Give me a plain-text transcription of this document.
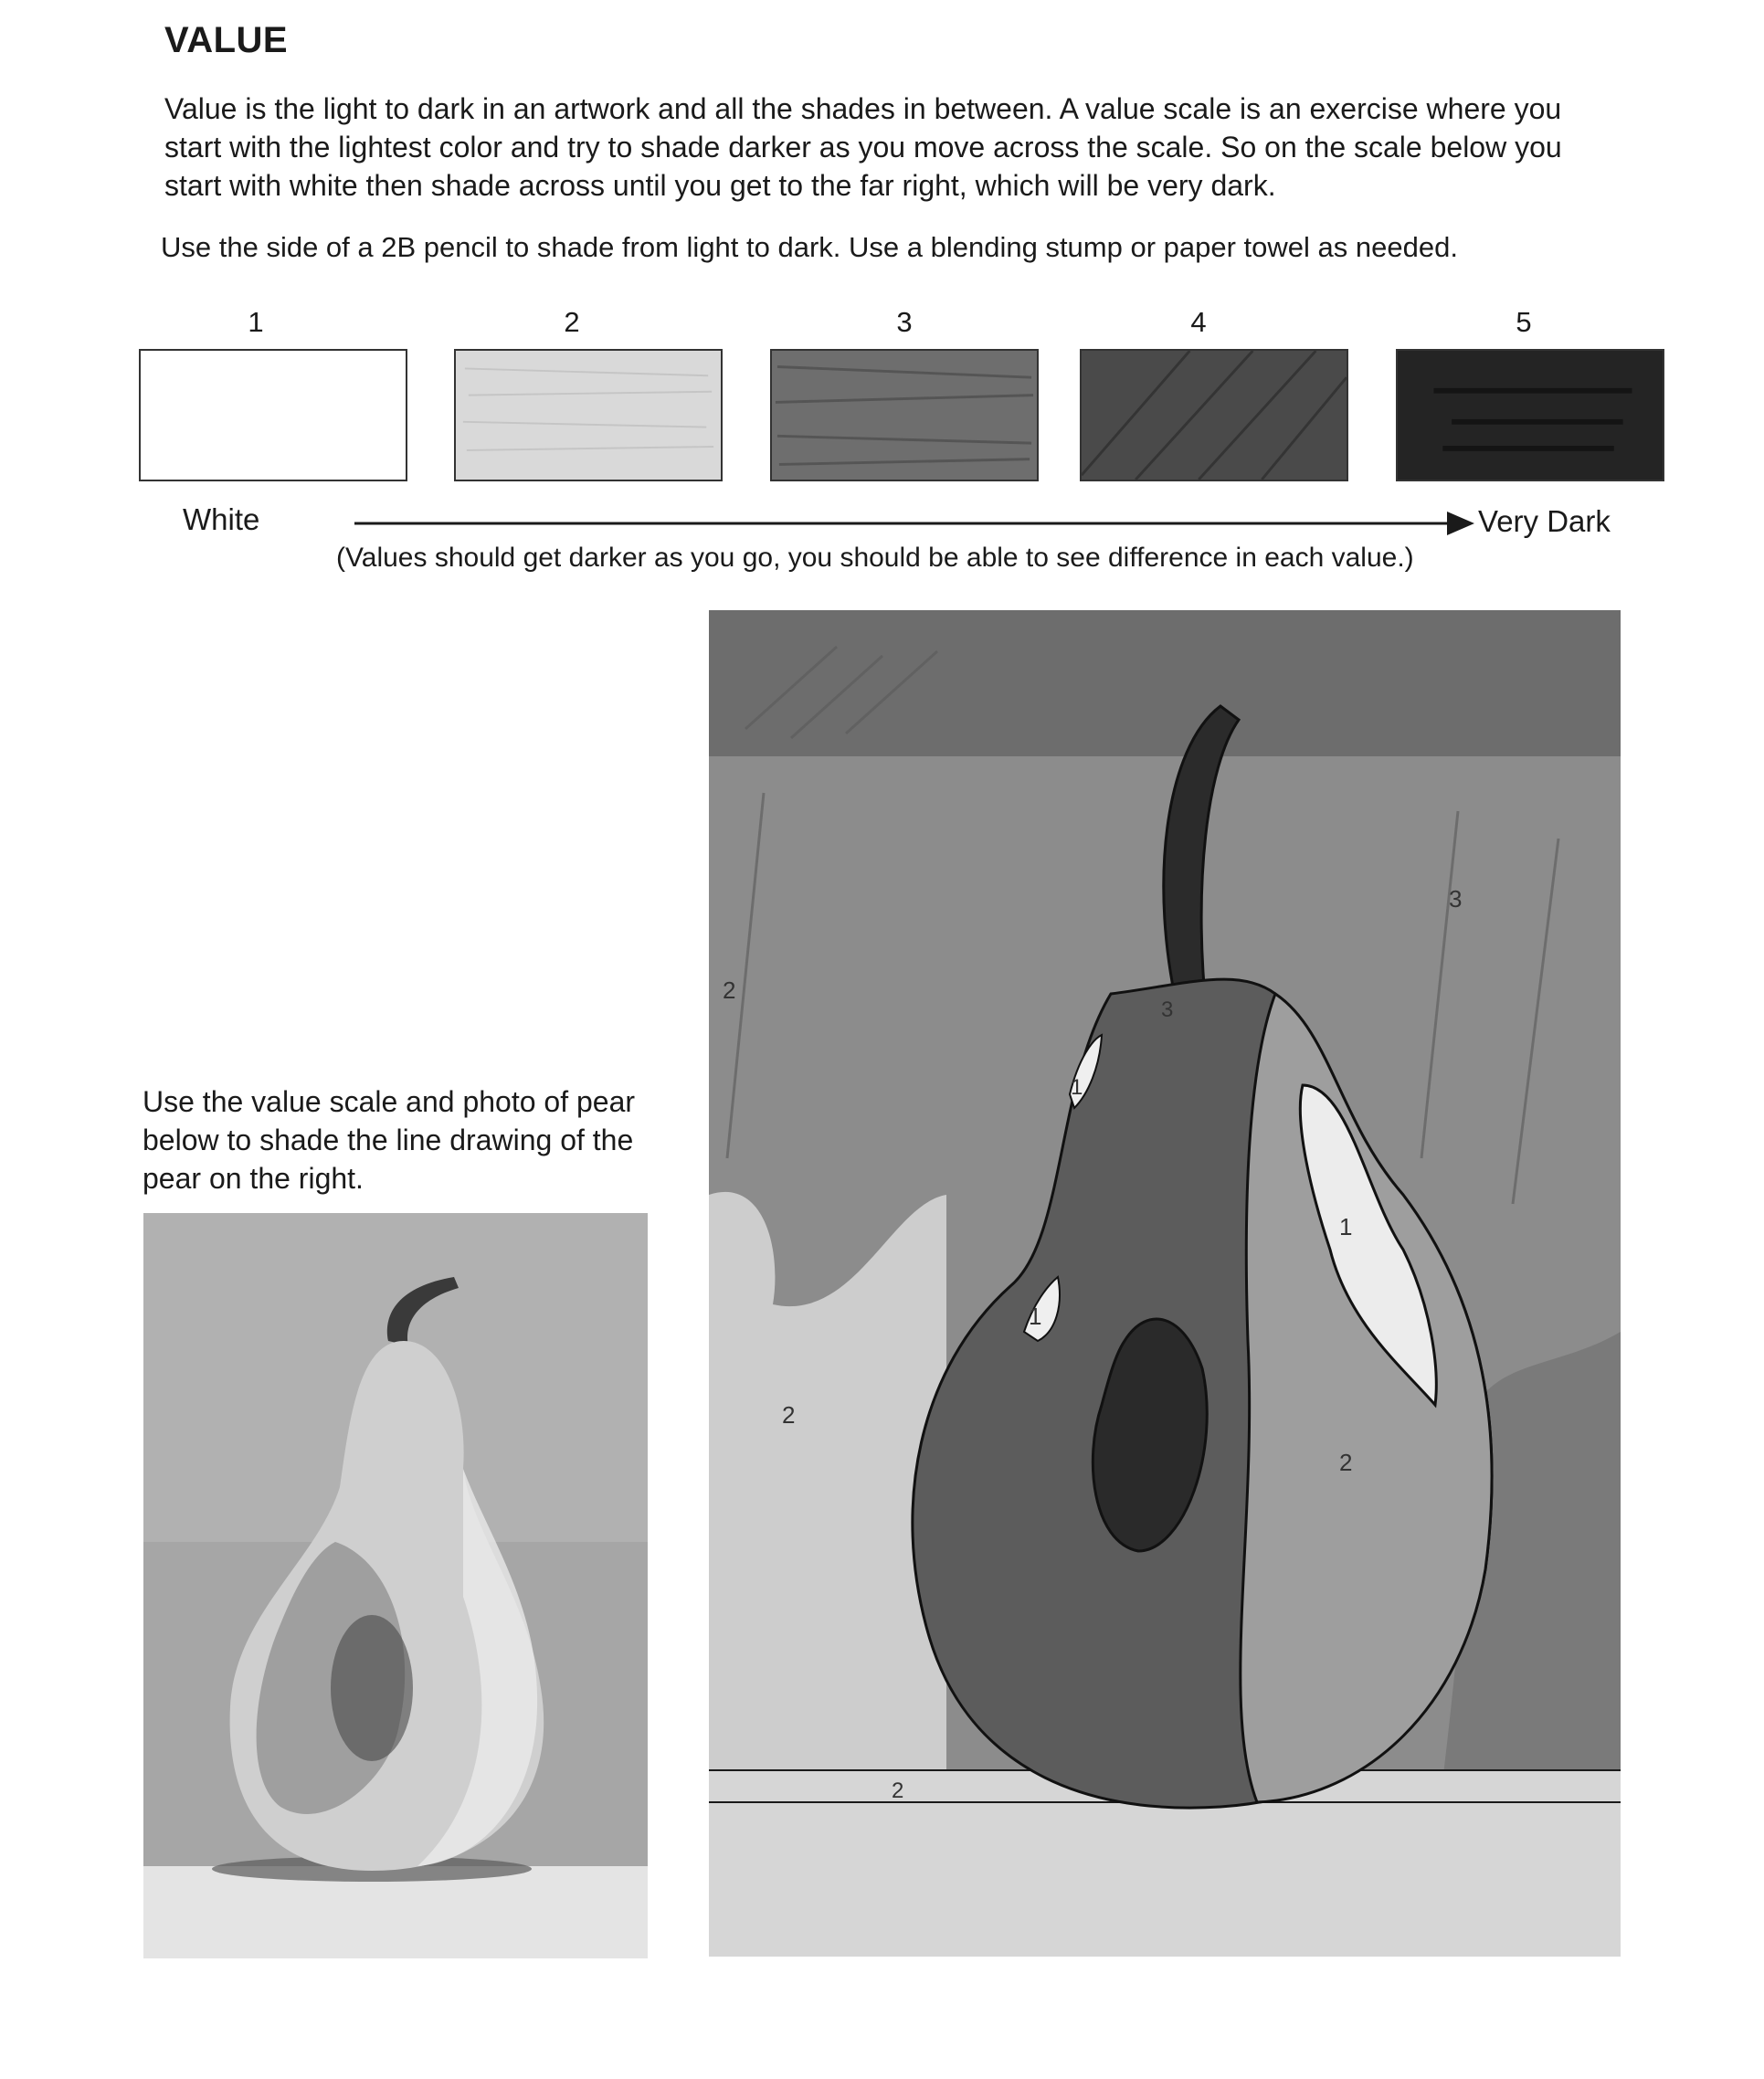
VALUE

Value is the light to dark in an artwork and all the shades in between. A value scale is an exercise where you start with the lightest color and try to shade darker as you move across the scale. So on the scale below you start with white then shade across until you get to the far right, which will be very dark.

Use the side of a 2B pencil to shade from light to dark. Use a blending stump or paper towel as needed.

1	2	3	4	5
White	Very Dark
(Values should get darker as you go, you should be able to see difference in each value.)

Use the value scale and photo of pear below to shade the line drawing of the pear on the right.

3
2
3
1
1
1
2
2
2
